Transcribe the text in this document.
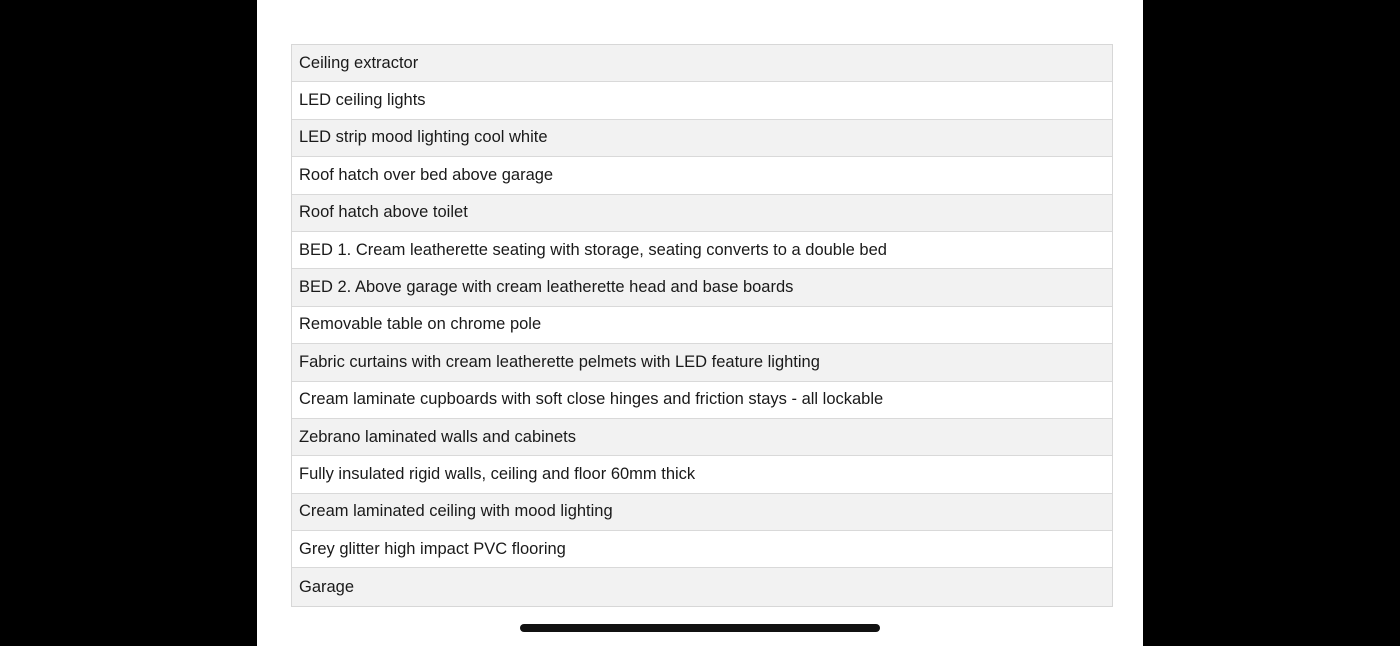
Ceiling extractor
LED ceiling lights
LED strip mood lighting cool white
Roof hatch over bed above garage
Roof hatch above toilet
BED 1. Cream leatherette seating with storage, seating converts to a double bed
BED 2. Above garage with cream leatherette head and base boards
Removable table on chrome pole
Fabric curtains with cream leatherette pelmets with LED feature lighting
Cream laminate cupboards with soft close hinges and friction stays - all lockable
Zebrano laminated walls and cabinets
Fully insulated rigid walls, ceiling and floor 60mm thick
Cream laminated ceiling with mood lighting
Grey glitter high impact PVC flooring
Garage
